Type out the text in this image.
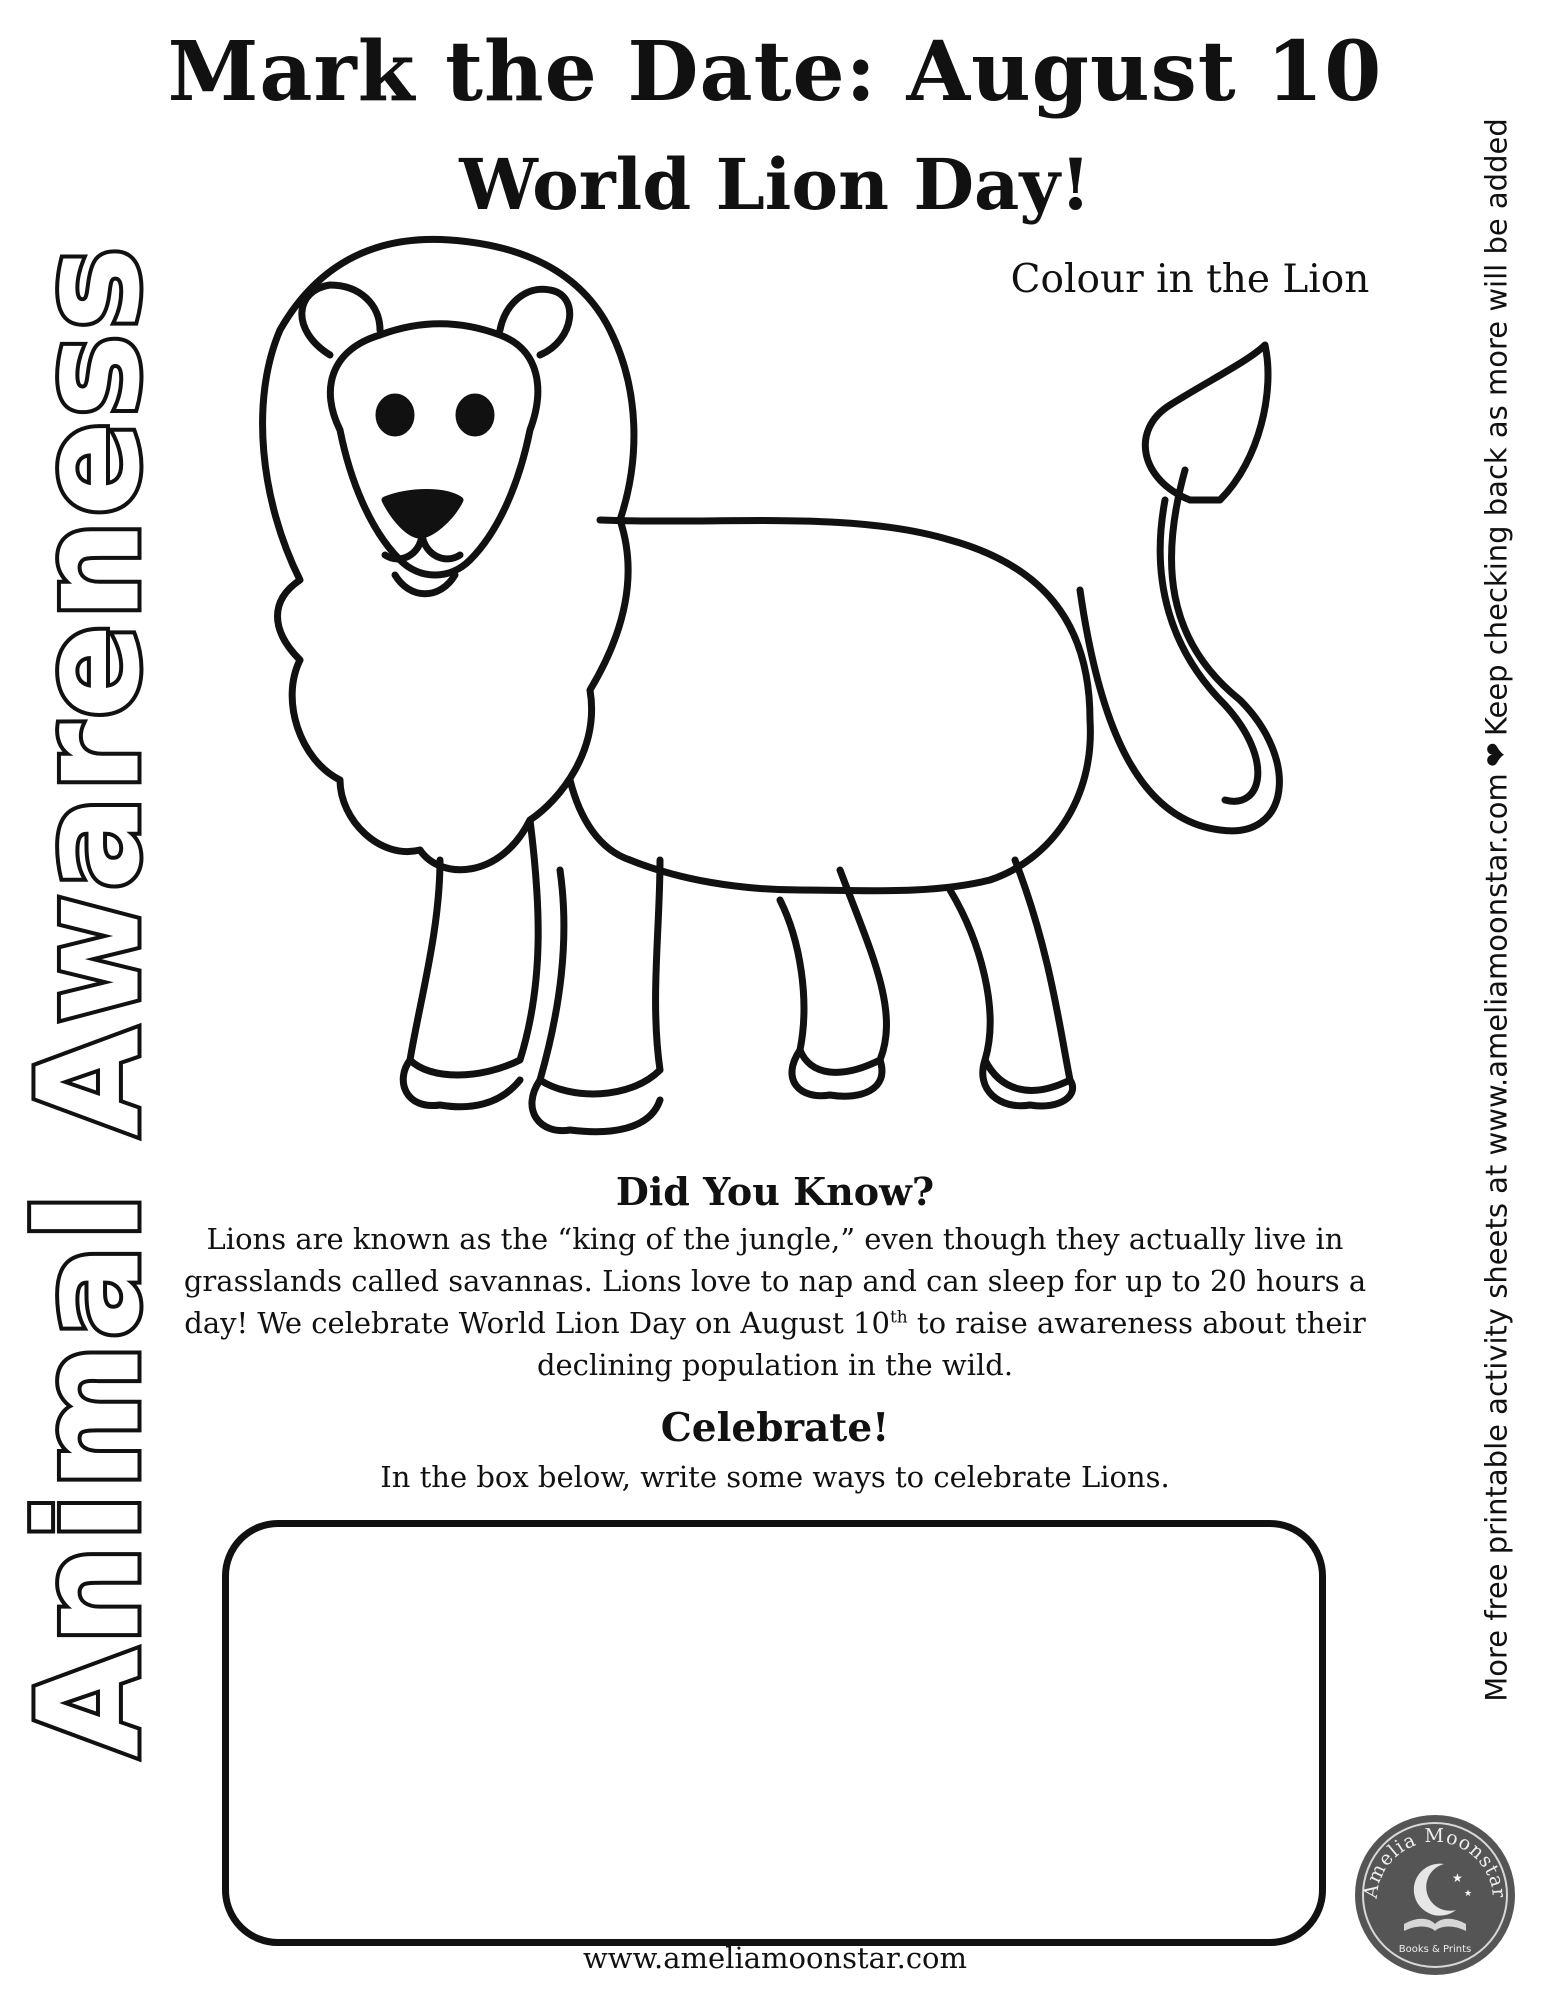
Mark the Date: August 10
World Lion Day!
Colour in the Lion
Animal Awareness	More free printable activity sheets at www.ameliamoonstar.com❤Keep checking back as more will be added
Did You Know?
Lions are known as the “king of the jungle,” even though they actually live in grasslands called savannas. Lions love to nap and can sleep for up to 20 hours a day! We celebrate World Lion Day on August 10th to raise awareness about their declining population in the wild.
Celebrate!
In the box below, write some ways to celebrate Lions.
Amelia Moonstar
★
★
Books & Prints
www.ameliamoonstar.com
